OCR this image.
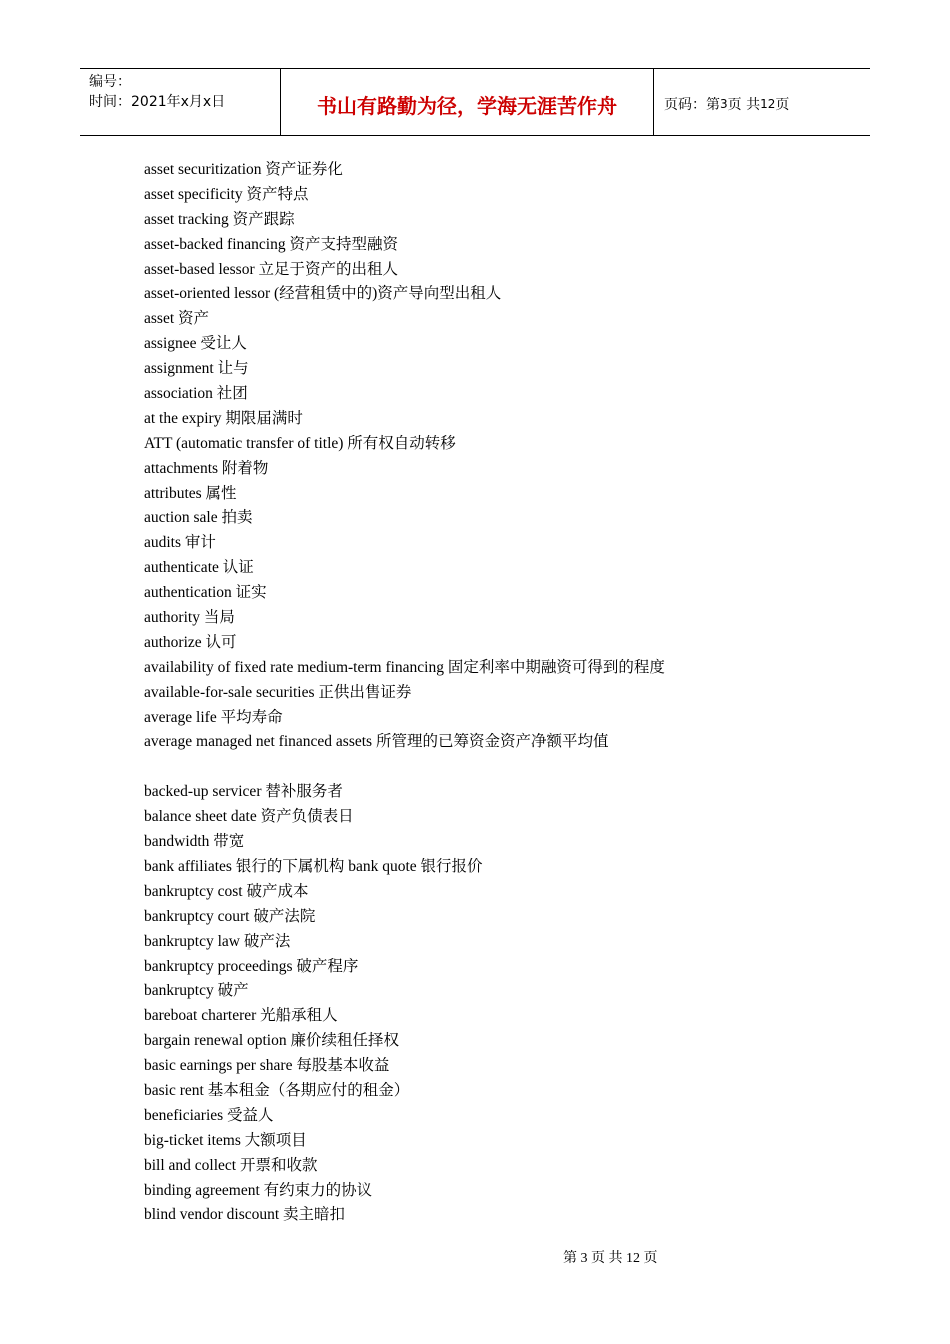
编号：
时间：2021年x月x日	书山有路勤为径，学海无涯苦作舟	页码：第 3 页 共 12 页
asset securitization 资产证券化
asset specificity 资产特点
asset tracking 资产跟踪
asset-backed financing 资产支持型融资
asset-based lessor 立足于资产的出租人
asset-oriented lessor (经营租赁中的)资产导向型出租人
asset 资产
assignee 受让人
assignment 让与
association 社团
at the expiry 期限届满时
ATT (automatic transfer of title) 所有权自动转移
attachments 附着物
attributes 属性
auction sale 拍卖
audits 审计
authenticate 认证
authentication 证实
authority 当局
authorize 认可
availability of fixed rate medium-term financing 固定利率中期融资可得到的程度
available-for-sale securities 正供出售证券
average life 平均寿命
average managed net financed assets 所管理的已筹资金资产净额平均值
backed-up servicer 替补服务者
balance sheet date 资产负债表日
bandwidth 带宽
bank affiliates 银行的下属机构 bank quote 银行报价
bankruptcy cost 破产成本
bankruptcy court 破产法院
bankruptcy law 破产法
bankruptcy proceedings 破产程序
bankruptcy 破产
bareboat charterer 光船承租人
bargain renewal option 廉价续租任择权
basic earnings per share 每股基本收益
basic rent 基本租金（各期应付的租金）
beneficiaries 受益人
big-ticket items 大额项目
bill and collect 开票和收款
binding agreement 有约束力的协议
blind vendor discount 卖主暗扣
第 3 页 共 12 页
